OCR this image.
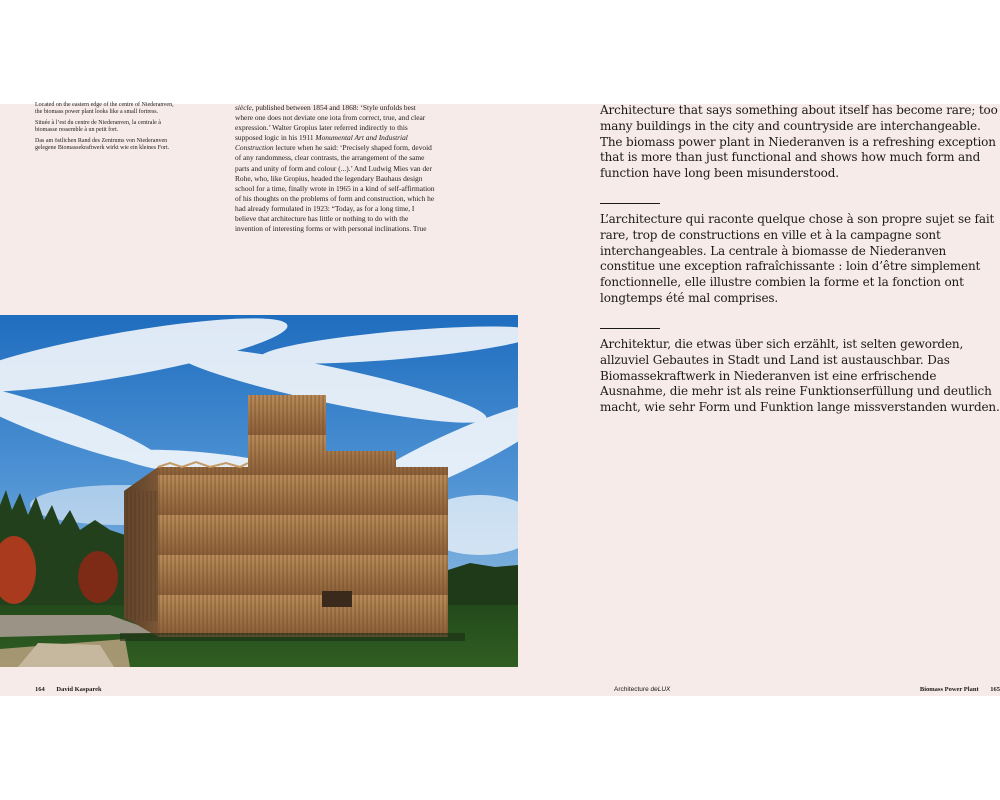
Located on the eastern edge of the centre of Niederanven, the biomass power plant looks like a small fortress.

Située à l’est du centre de Niederanven, la centrale à biomasse ressemble à un petit fort.

Das am östlichen Rand des Zentrums von Niederanven gelegene Biomassekraftwerk wirkt wie ein kleines Fort.

siècle, published between 1854 and 1868: ‘Style unfolds best where one does not deviate one iota from correct, true, and clear expression.’ Walter Gropius later referred indirectly to this supposed logic in his 1911 Monumental Art and Industrial Construction lecture when he said: ‘Precisely shaped form, devoid of any randomness, clear contrasts, the arrangement of the same parts and unity of form and colour (...).’ And Ludwig Mies van der Rohe, who, like Gropius, headed the legendary Bauhaus design school for a time, finally wrote in 1965 in a kind of self-affirmation of his thoughts on the problems of form and construction, which he had already formulated in 1923: “Today, as for a long time, I believe that architecture has little or nothing to do with the invention of interesting forms or with personal inclinations. True

Architecture that says something about itself has become rare; too many buildings in the city and countryside are interchangeable. The biomass power plant in Niederanven is a refreshing exception that is more than just functional and shows how much form and function have long been misunderstood.

L’architecture qui raconte quelque chose à son propre sujet se fait rare, trop de constructions en ville et à la campagne sont interchangeables. La centrale à biomasse de Niederanven constitue une exception rafraîchissante : loin d’être simplement fonctionnelle, elle illustre combien la forme et la fonction ont longtemps été mal comprises.

Architektur, die etwas über sich erzählt, ist selten geworden, allzuviel Gebautes in Stadt und Land ist austauschbar. Das Biomassekraftwerk in Niederanven ist eine erfrischende Ausnahme, die mehr ist als reine Funktionserfüllung und deutlich macht, wie sehr Form und Funktion lange missverstanden wurden.

164 David Kasparek	Architecture deLUX	Biomass Power Plant 165
